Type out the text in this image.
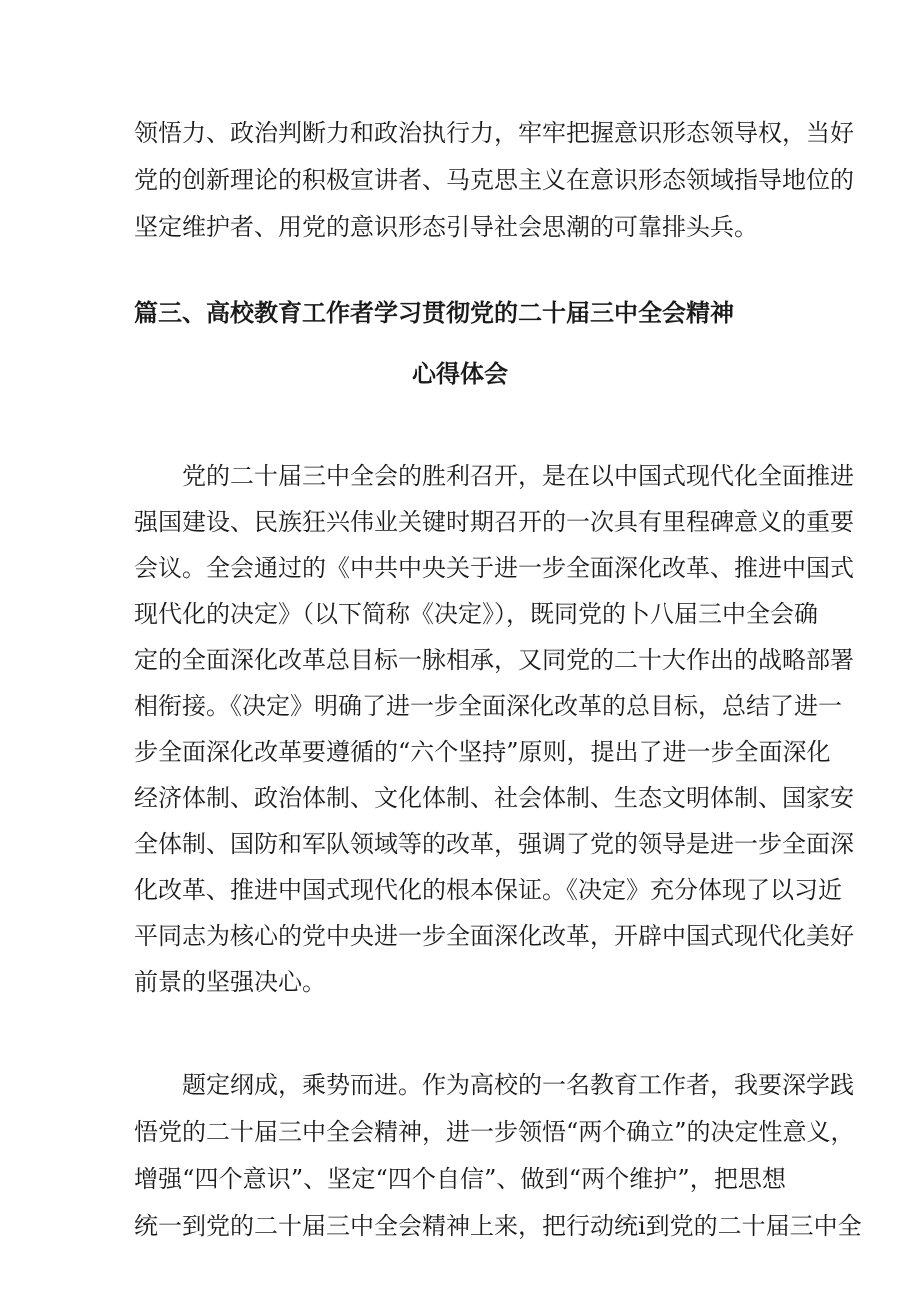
领悟力、政治判断力和政治执行力，牢牢把握意识形态领导权，当好
党的创新理论的积极宣讲者、马克思主义在意识形态领域指导地位的
坚定维护者、用党的意识形态引导社会思潮的可靠排头兵。
篇三、高校教育工作者学习贯彻党的二十届三中全会精神
心得体会
党的二十届三中全会的胜利召开，是在以中国式现代化全面推进
强国建设、民族狂兴伟业关键时期召开的一次具有里程碑意义的重要
会议。全会通过的《中共中央关于进一步全面深化改革、推进中国式
现代化的决定》（以下简称《决定》），既同党的卜八届三中全会确
定的全面深化改革总目标一脉相承，又同党的二十大作出的战略部署
相衔接。《决定》明确了进一步全面深化改革的总目标，总结了进一
步全面深化改革要遵循的“六个坚持”原则，提出了进一步全面深化
经济体制、政治体制、文化体制、社会体制、生态文明体制、国家安
全体制、国防和军队领域等的改革，强调了党的领导是进一步全面深
化改革、推进中国式现代化的根本保证。《决定》充分体现了以习近
平同志为核心的党中央进一步全面深化改革，开辟中国式现代化美好
前景的坚强决心。
题定纲成，乘势而进。作为高校的一名教育工作者，我要深学践
悟党的二十届三中全会精神，进一步领悟“两个确立”的决定性意义，
增强“四个意识”、坚定“四个自信”、做到“两个维护”，把思想
统一到党的二十届三中全会精神上来，把行动统i到党的二十届三中全
